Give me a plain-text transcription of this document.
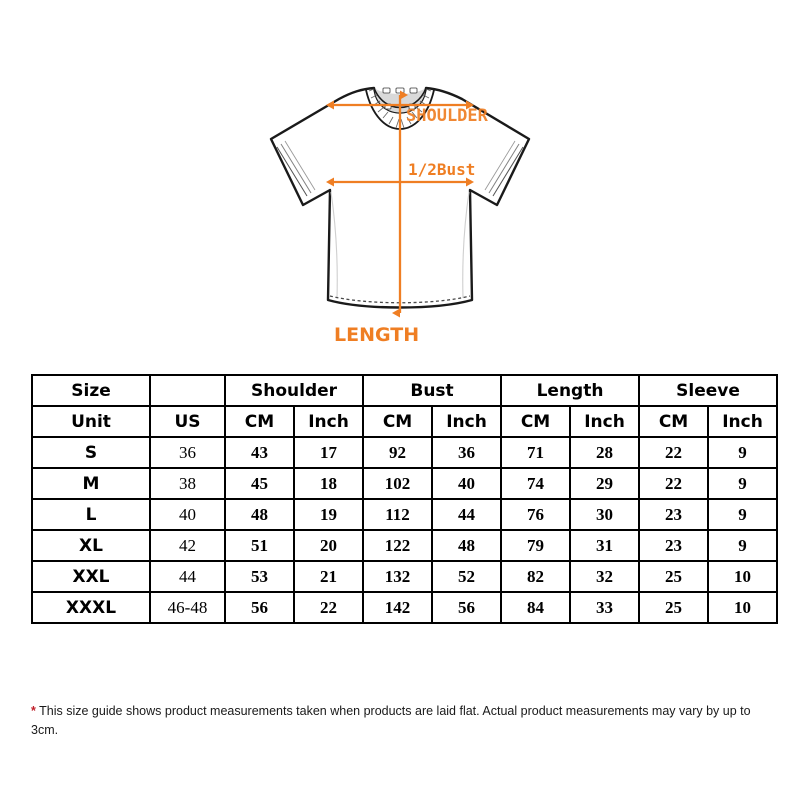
SHOULDER
1/2Bust
LENGTH
Size		Shoulder		Bust		Length		Sleeve	
Unit	US	CM	Inch	CM	Inch	CM	Inch	CM	Inch
S	36	43	17	92	36	71	28	22	9
M	38	45	18	102	40	74	29	22	9
L	40	48	19	112	44	76	30	23	9
XL	42	51	20	122	48	79	31	23	9
XXL	44	53	21	132	52	82	32	25	10
XXXL	46-48	56	22	142	56	84	33	25	10

* This size guide shows product measurements taken when products are laid flat. Actual product measurements may vary by up to 3cm.
